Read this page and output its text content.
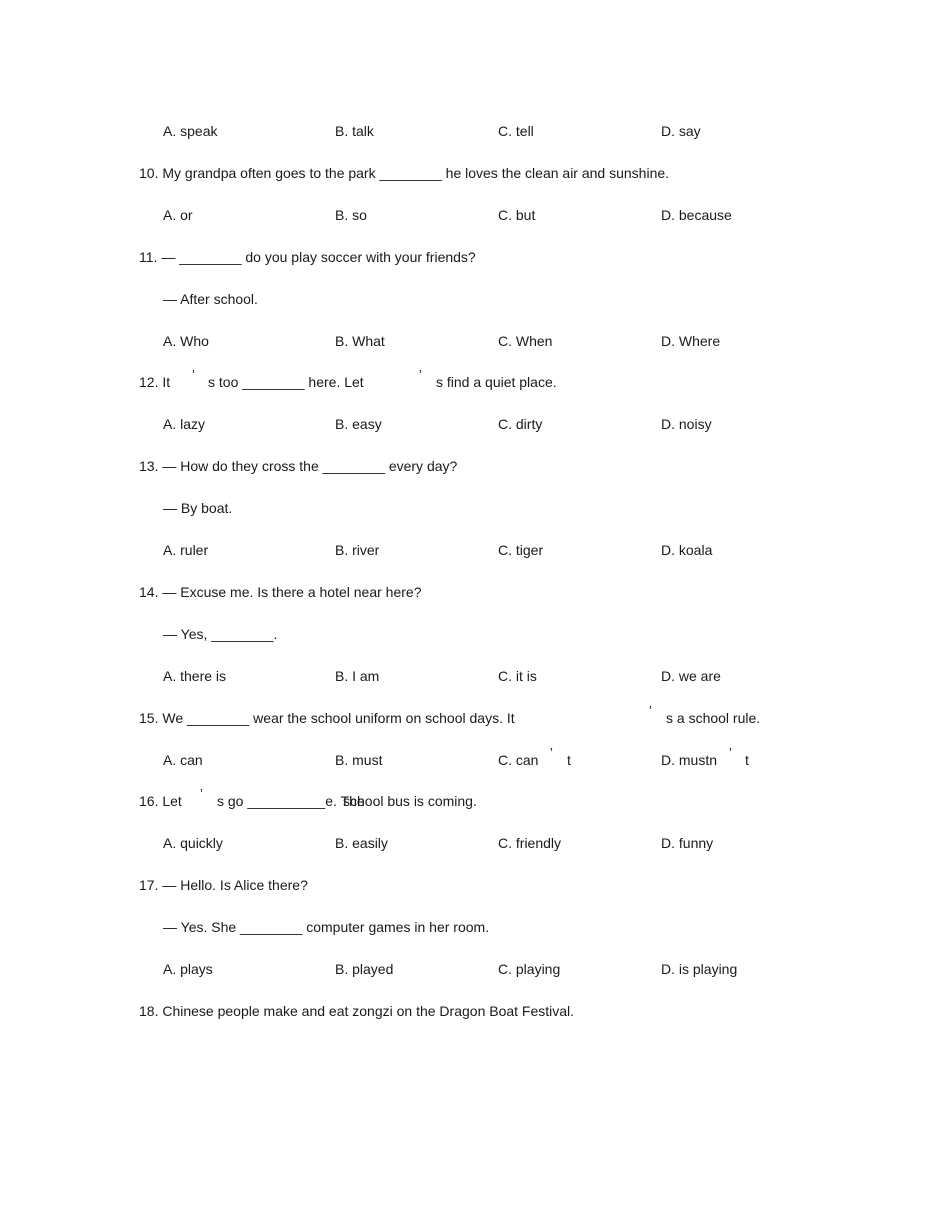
A. speak	B. talk	C. tell	D. say
10. My grandpa often goes to the park ________ he loves the clean air and sunshine.
A. or	B. so	C. but	D. because
11. — ________ do you play soccer with your friends?
— After school.
A. Who	B. What	C. When	D. Where
12. It ’ s too ________ here. Let	’ s find a quiet place.
A. lazy	B. easy	C. dirty	D. noisy
13. — How do they cross the ________ every day?
— By boat.
A. ruler	B. river	C. tiger	D. koala
14. — Excuse me. Is there a hotel near here?
— Yes, ________.
A. there is	B. I am	C. it is	D. we are
15. We ________ wear the school uniform on school days. It	’ s a school rule.
A. can	B. must	C. can ’ t	D. mustn ’ t
16. Let ’ s go __________e. The
school bus is coming.
A. quickly	B. easily	C. friendly	D. funny
17. — Hello. Is Alice there?
— Yes. She ________ computer games in her room.
A. plays	B. played	C. playing	D. is playing
18. Chinese people make and eat zongzi on the Dragon Boat Festival.
